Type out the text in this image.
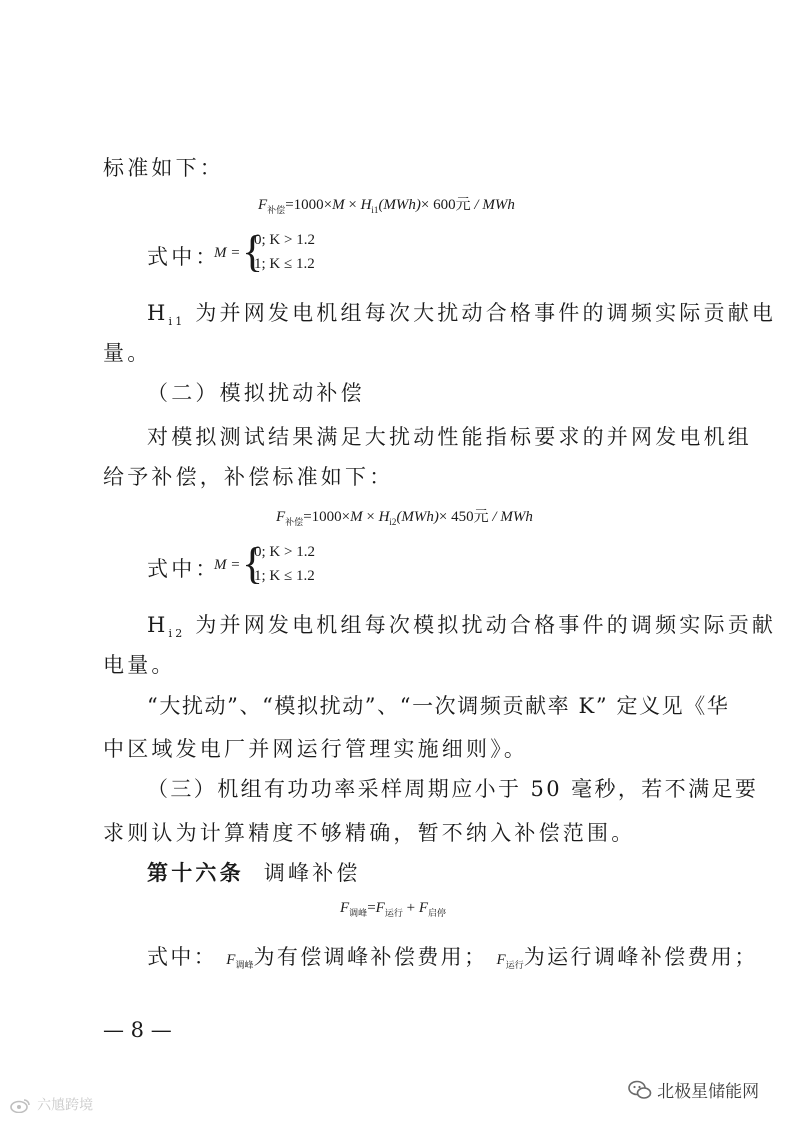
标准如下：
$F_{补偿}=1000\times M \times H_{i1}(MWh)\times 600$元 / MWh
式中：
M = {
0; K > 1.2
1; K ≤ 1.2
$H_{i1}$ 为并网发电机组每次大扰动合格事件的调频实际贡献电
量。
（二）模拟扰动补偿
对模拟测试结果满足大扰动性能指标要求的并网发电机组
给予补偿，补偿标准如下：
$F_{补偿}=1000\times M \times H_{i2}(MWh)\times 450$元 / MWh
式中：
M = {
0; K > 1.2
1; K ≤ 1.2
$H_{i2}$ 为并网发电机组每次模拟扰动合格事件的调频实际贡献
电量。
“大扰动”、“模拟扰动”、“一次调频贡献率 K” 定义见《华
中区域发电厂并网运行管理实施细则》。
（三）机组有功功率采样周期应小于 50 毫秒，若不满足要
求则认为计算精度不够精确，暂不纳入补偿范围。
第十六条 调峰补偿
$F_{调峰}=F_{运行} + F_{启停}$
式中： $F_{调峰}$为有偿调峰补偿费用； $F_{运行}$为运行调峰补偿费用；
— 8 —
六㐤跨境
北极星储能网
